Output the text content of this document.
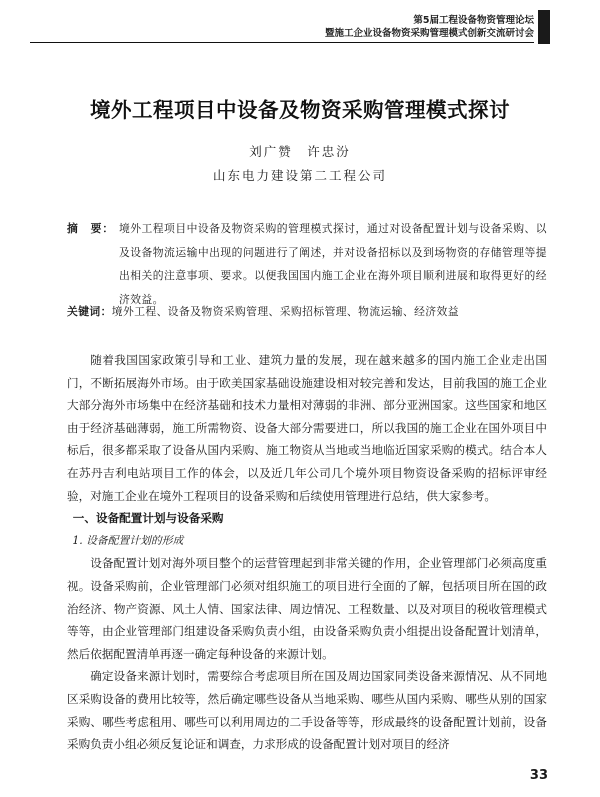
第5届工程设备物资管理论坛
暨施工企业设备物资采购管理模式创新交流研讨会
境外工程项目中设备及物资采购管理模式探讨
刘广赞　许忠汾
山东电力建设第二工程公司
摘　要： 境外工程项目中设备及物资采购的管理模式探讨，通过对设备配置计划与设备采购、以及设备物流运输中出现的问题进行了阐述，并对设备招标以及到场物资的存储管理等提出相关的注意事项、要求。以便我国国内施工企业在海外项目顺利进展和取得更好的经济效益。
关键词：境外工程、设备及物资采购管理、采购招标管理、物流运输、经济效益

随着我国国家政策引导和工业、建筑力量的发展，现在越来越多的国内施工企业走出国门，不断拓展海外市场。由于欧美国家基础设施建设相对较完善和发达，目前我国的施工企业大部分海外市场集中在经济基础和技术力量相对薄弱的非洲、部分亚洲国家。这些国家和地区由于经济基础薄弱，施工所需物资、设备大部分需要进口，所以我国的施工企业在国外项目中标后，很多都采取了设备从国内采购、施工物资从当地或当地临近国家采购的模式。结合本人在苏丹吉利电站项目工作的体会，以及近几年公司几个境外项目物资设备采购的招标评审经验，对施工企业在境外工程项目的设备采购和后续使用管理进行总结，供大家参考。

一、设备配置计划与设备采购
1. 设备配置计划的形成

设备配置计划对海外项目整个的运营管理起到非常关键的作用，企业管理部门必须高度重视。设备采购前，企业管理部门必须对组织施工的项目进行全面的了解，包括项目所在国的政治经济、物产资源、风土人情、国家法律、周边情况、工程数量、以及对项目的税收管理模式等等，由企业管理部门组建设备采购负责小组，由设备采购负责小组提出设备配置计划清单，然后依据配置清单再逐一确定每种设备的来源计划。

确定设备来源计划时，需要综合考虑项目所在国及周边国家同类设备来源情况、从不同地区采购设备的费用比较等，然后确定哪些设备从当地采购、哪些从国内采购、哪些从别的国家采购、哪些考虑租用、哪些可以利用周边的二手设备等等，形成最终的设备配置计划前，设备采购负责小组必须反复论证和调查，力求形成的设备配置计划对项目的经济

33
